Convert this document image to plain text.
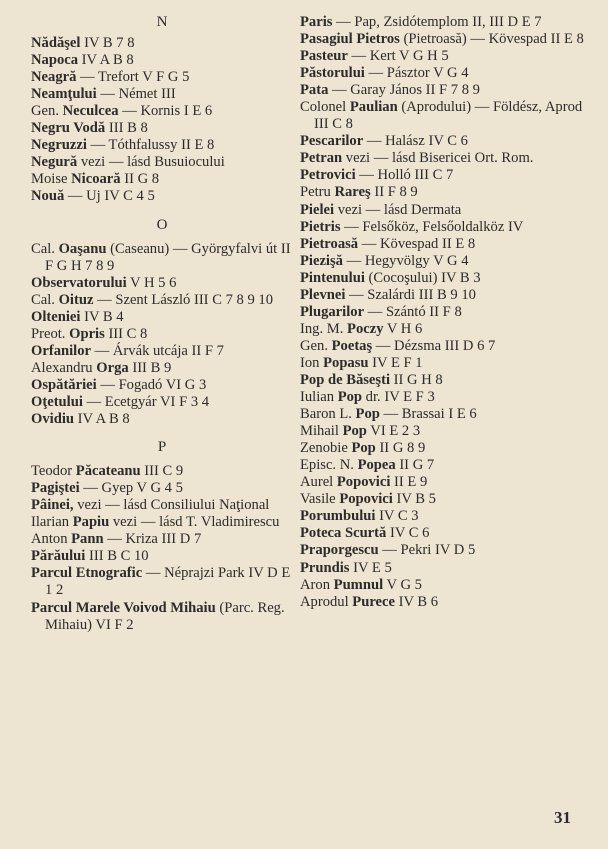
N
Nădăşel IV B 7 8
Napoca IV A B 8
Neagră — Trefort V F G 5
Neamţului — Német III
Gen. Neculcea — Kornis I E 6
Negru Vodă III B 8
Negruzzi — Tóthfalussy II E 8
Negură vezi — lásd Busuiocului
Moise Nicoară II G 8
Nouă — Uj IV C 4 5
O
Cal. Oaşanu (Caseanu) — Györgyfalvi út II F G H 7 8 9
Observatorului V H 5 6
Cal. Oituz — Szent László III C 7 8 9 10
Olteniei IV B 4
Preot. Opris III C 8
Orfanilor — Árvák utcája II F 7
Alexandru Orga III B 9
Ospătăriei — Fogadó VI G 3
Oţetului — Ecetgyár VI F 3 4
Ovidiu IV A B 8
P
Teodor Păcateanu III C 9
Pagiştei — Gyep V G 4 5
Pâinei, vezi — lásd Consiliului Naţional
Ilarian Papiu vezi — lásd T. Vladimirescu
Anton Pann — Kriza III D 7
Părăului III B C 10
Parcul Etnografic — Néprajzi Park IV D E 1 2
Parcul Marele Voivod Mihaiu (Parc. Reg. Mihaiu) VI F 2
Paris — Pap, Zsidótemplom II, III D E 7
Pasagiul Pietros (Pietroasă) — Kövespad II E 8
Pasteur — Kert V G H 5
Păstorului — Pásztor V G 4
Pata — Garay János II F 7 8 9
Colonel Paulian (Aprodului) — Földész, Aprod III C 8
Pescarilor — Halász IV C 6
Petran vezi — lásd Bisericei Ort. Rom.
Petrovici — Holló III C 7
Petru Rareş II F 8 9
Pielei vezi — lásd Dermata
Pietris — Felsőköz, Felsőoldalköz IV
Pietroasă — Kövespad II E 8
Piezişă — Hegyvölgy V G 4
Pintenului (Cocoşului) IV B 3
Plevnei — Szalárdi III B 9 10
Plugarilor — Szántó II F 8
Ing. M. Poczy V H 6
Gen. Poetaş — Dézsma III D 6 7
Ion Popasu IV E F 1
Pop de Băseşti II G H 8
Iulian Pop dr. IV E F 3
Baron L. Pop — Brassai I E 6
Mihail Pop VI E 2 3
Zenobie Pop II G 8 9
Episc. N. Popea II G 7
Aurel Popovici II E 9
Vasile Popovici IV B 5
Porumbului IV C 3
Poteca Scurtă IV C 6
Praporgescu — Pekri IV D 5
Prundis IV E 5
Aron Pumnul V G 5
Aprodul Purece IV B 6
31
